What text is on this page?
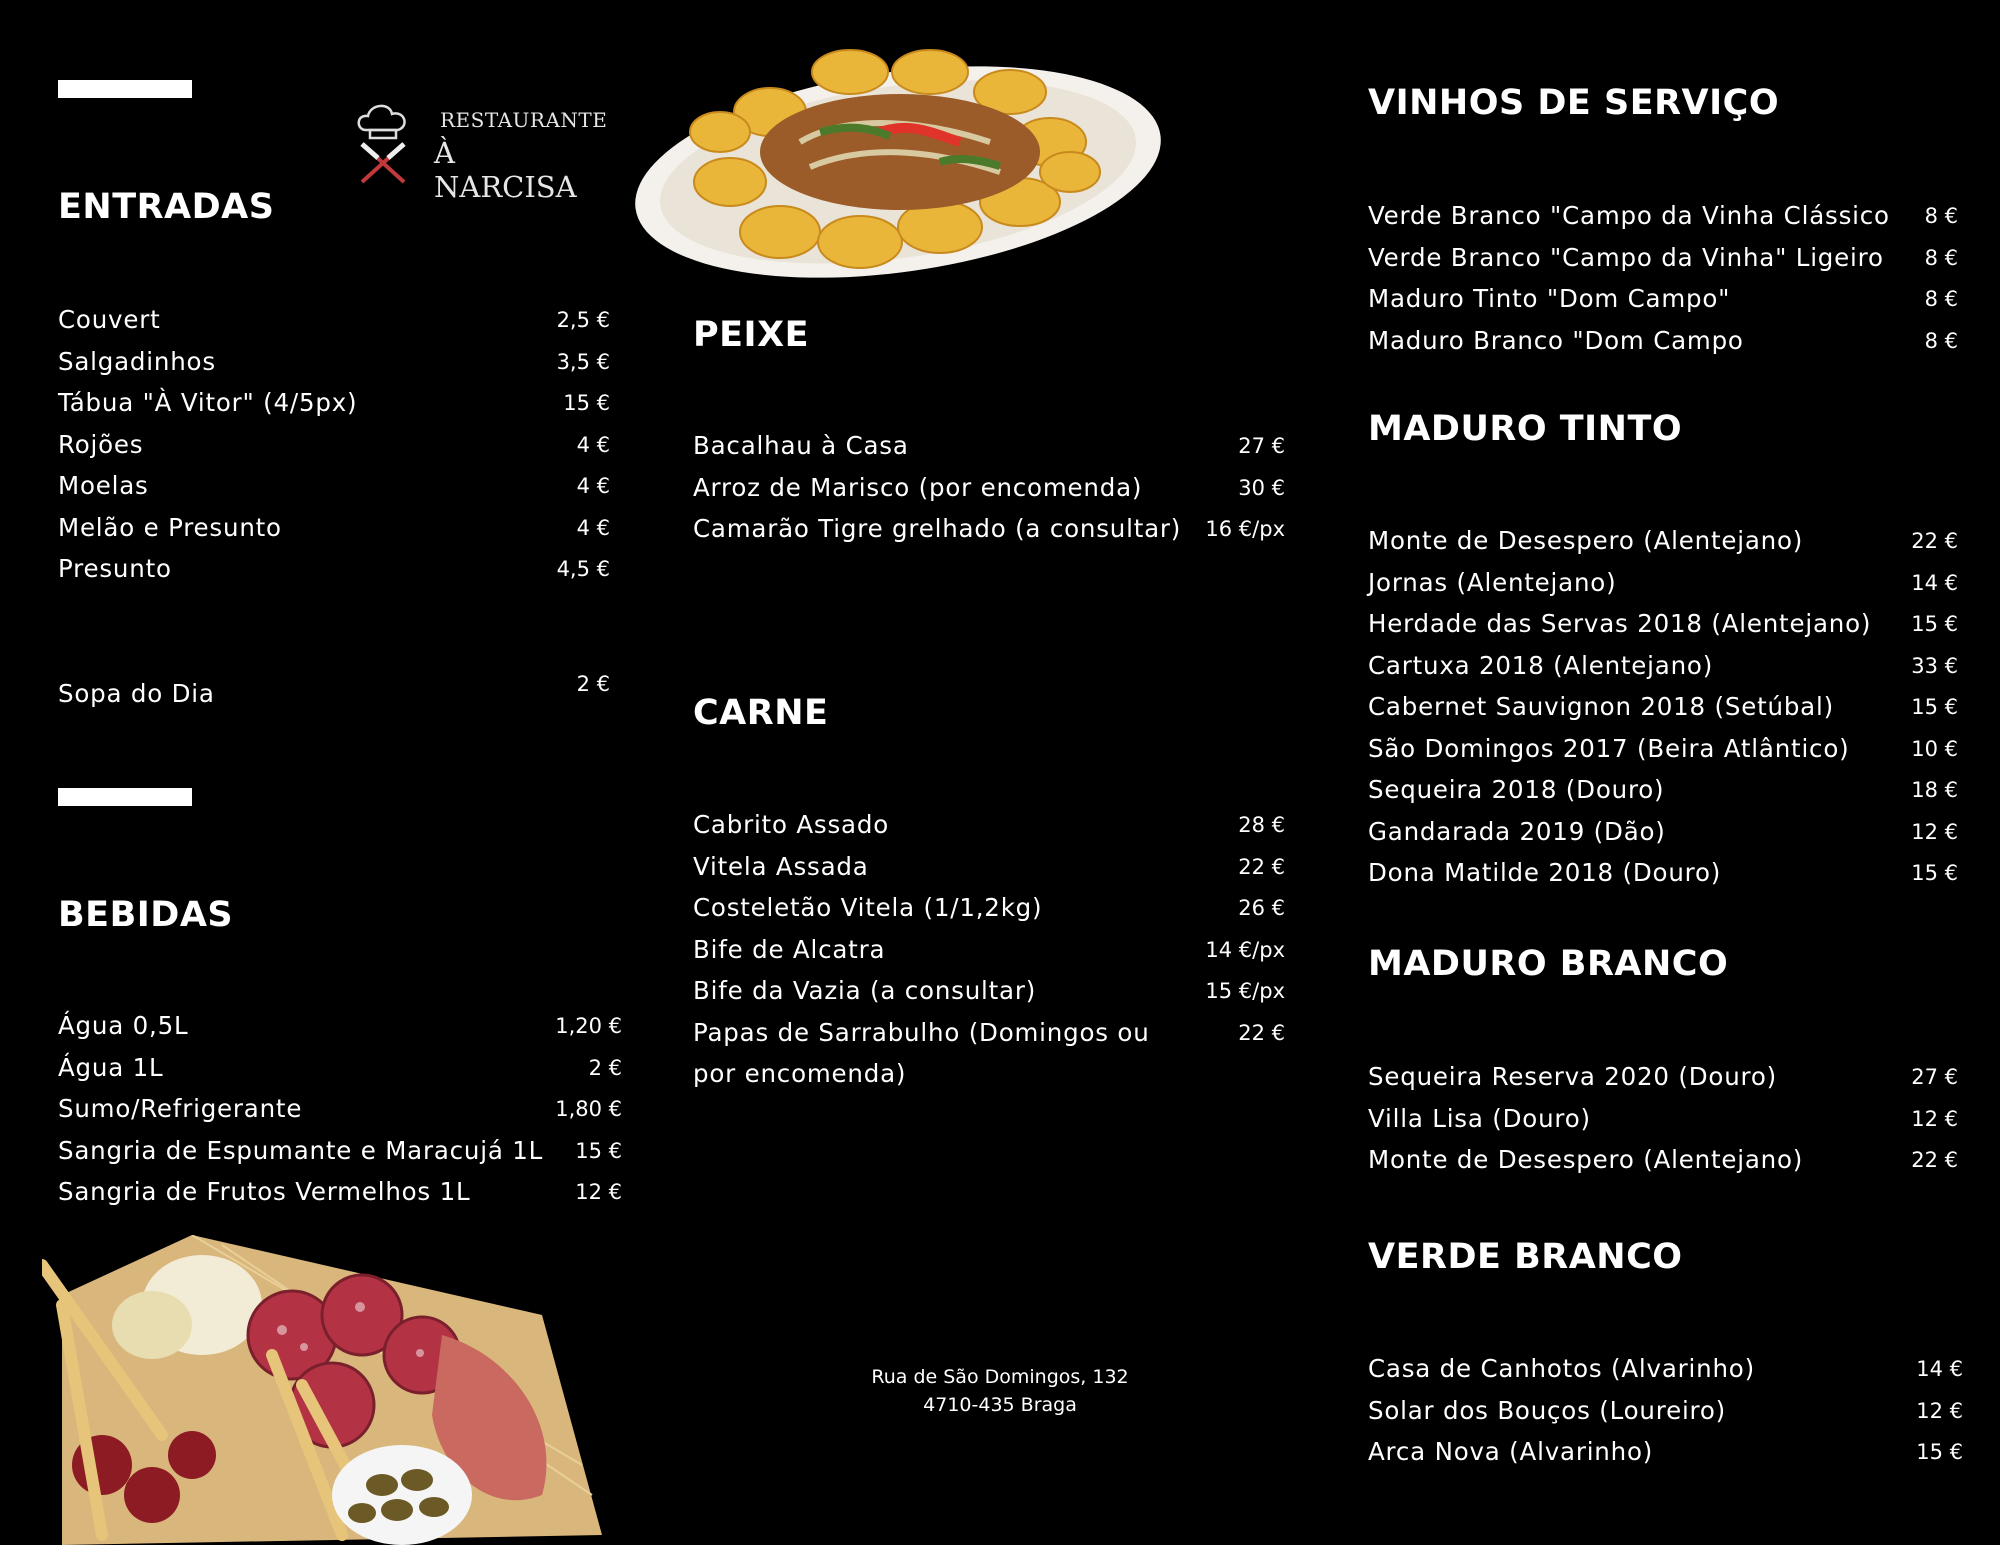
RESTAURANTE
À NARCISA
ENTRADAS
Couvert	2,5 €
Salgadinhos	3,5 €
Tábua "À Vitor" (4/5px)	15 €
Rojões	4 €
Moelas	4 €
Melão e Presunto	4 €
Presunto	4,5 €
Sopa do Dia	2 €
BEBIDAS
Água 0,5L	1,20 €
Água 1L	2 €
Sumo/Refrigerante	1,80 €
Sangria de Espumante e Maracujá 1L 15 €
Sangria de Frutos Vermelhos 1L	12 €
PEIXE
Bacalhau à Casa	27 €
Arroz de Marisco (por encomenda)	30 €
Camarão Tigre grelhado (a consultar) 16 €/px
CARNE
Cabrito Assado	28 €
Vitela Assada	22 €
Costeletão Vitela (1/1,2kg)	26 €
Bife de Alcatra	14 €/px
Bife da Vazia (a consultar)	15 €/px
Papas de Sarrabulho (Domingos ou por encomenda)
22 €
Rua de São Domingos, 132
4710-435 Braga
VINHOS DE SERVIÇO
Verde Branco "Campo da Vinha Clássico 8 €
Verde Branco "Campo da Vinha" Ligeiro 8 €
Maduro Tinto "Dom Campo"	8 €
Maduro Branco "Dom Campo	8 €
MADURO TINTO
Monte de Desespero (Alentejano)	22 €
Jornas (Alentejano)	14 €
Herdade das Servas 2018 (Alentejano) 15 €
Cartuxa 2018 (Alentejano)	33 €
Cabernet Sauvignon 2018 (Setúbal)	15 €
São Domingos 2017 (Beira Atlântico)	10 €
Sequeira 2018 (Douro)	18 €
Gandarada 2019 (Dão)	12 €
Dona Matilde 2018 (Douro)	15 €
MADURO BRANCO
Sequeira Reserva 2020 (Douro)	27 €
Villa Lisa (Douro)	12 €
Monte de Desespero (Alentejano)	22 €
VERDE BRANCO
Casa de Canhotos (Alvarinho)	14 €
Solar dos Bouços (Loureiro)	12 €
Arca Nova (Alvarinho)	15 €
